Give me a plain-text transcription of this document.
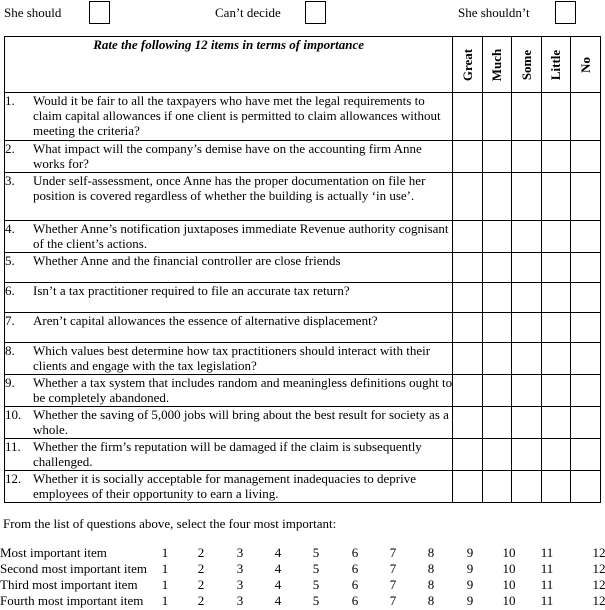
She should	Can’t decide	She shouldn’t
Rate the following 12 items in terms of importance	Great	Much	Some	Little	No

1. Would it be fair to all the taxpayers who have met the legal requirements to claim capital allowances if one client is permitted to claim allowances without meeting the criteria?					

2. What impact will the company’s demise have on the accounting firm Anne works for?					

3. Under self-assessment, once Anne has the proper documentation on file her position is covered regardless of whether the building is actually ‘in use’.					

4. Whether Anne’s notification juxtaposes immediate Revenue authority cognisant of the client’s actions.					

5. Whether Anne and the financial controller are close friends					

6. Isn’t a tax practitioner required to file an accurate tax return?					

7. Aren’t capital allowances the essence of alternative displacement?					

8. Which values best determine how tax practitioners should interact with their clients and engage with the tax legislation?					

9. Whether a tax system that includes random and meaningless definitions ought to be completely abandoned.					

10. Whether the saving of 5,000 jobs will bring about the best result for society as a whole.					

11. Whether the firm’s reputation will be damaged if the claim is subsequently challenged.					

12. Whether it is socially acceptable for management inadequacies to deprive employees of their opportunity to earn a living.					

From the list of questions above, select the four most important:
Most important item	1	2	3	4	5	6	7	8	9	10 11	12
Second most important item	1	2	3	4	5	6	7	8	9	10 11	12
Third most important item	1	2	3	4	5	6	7	8	9	10 11	12
Fourth most important item	1	2	3	4	5	6	7	8	9	10 11	12
